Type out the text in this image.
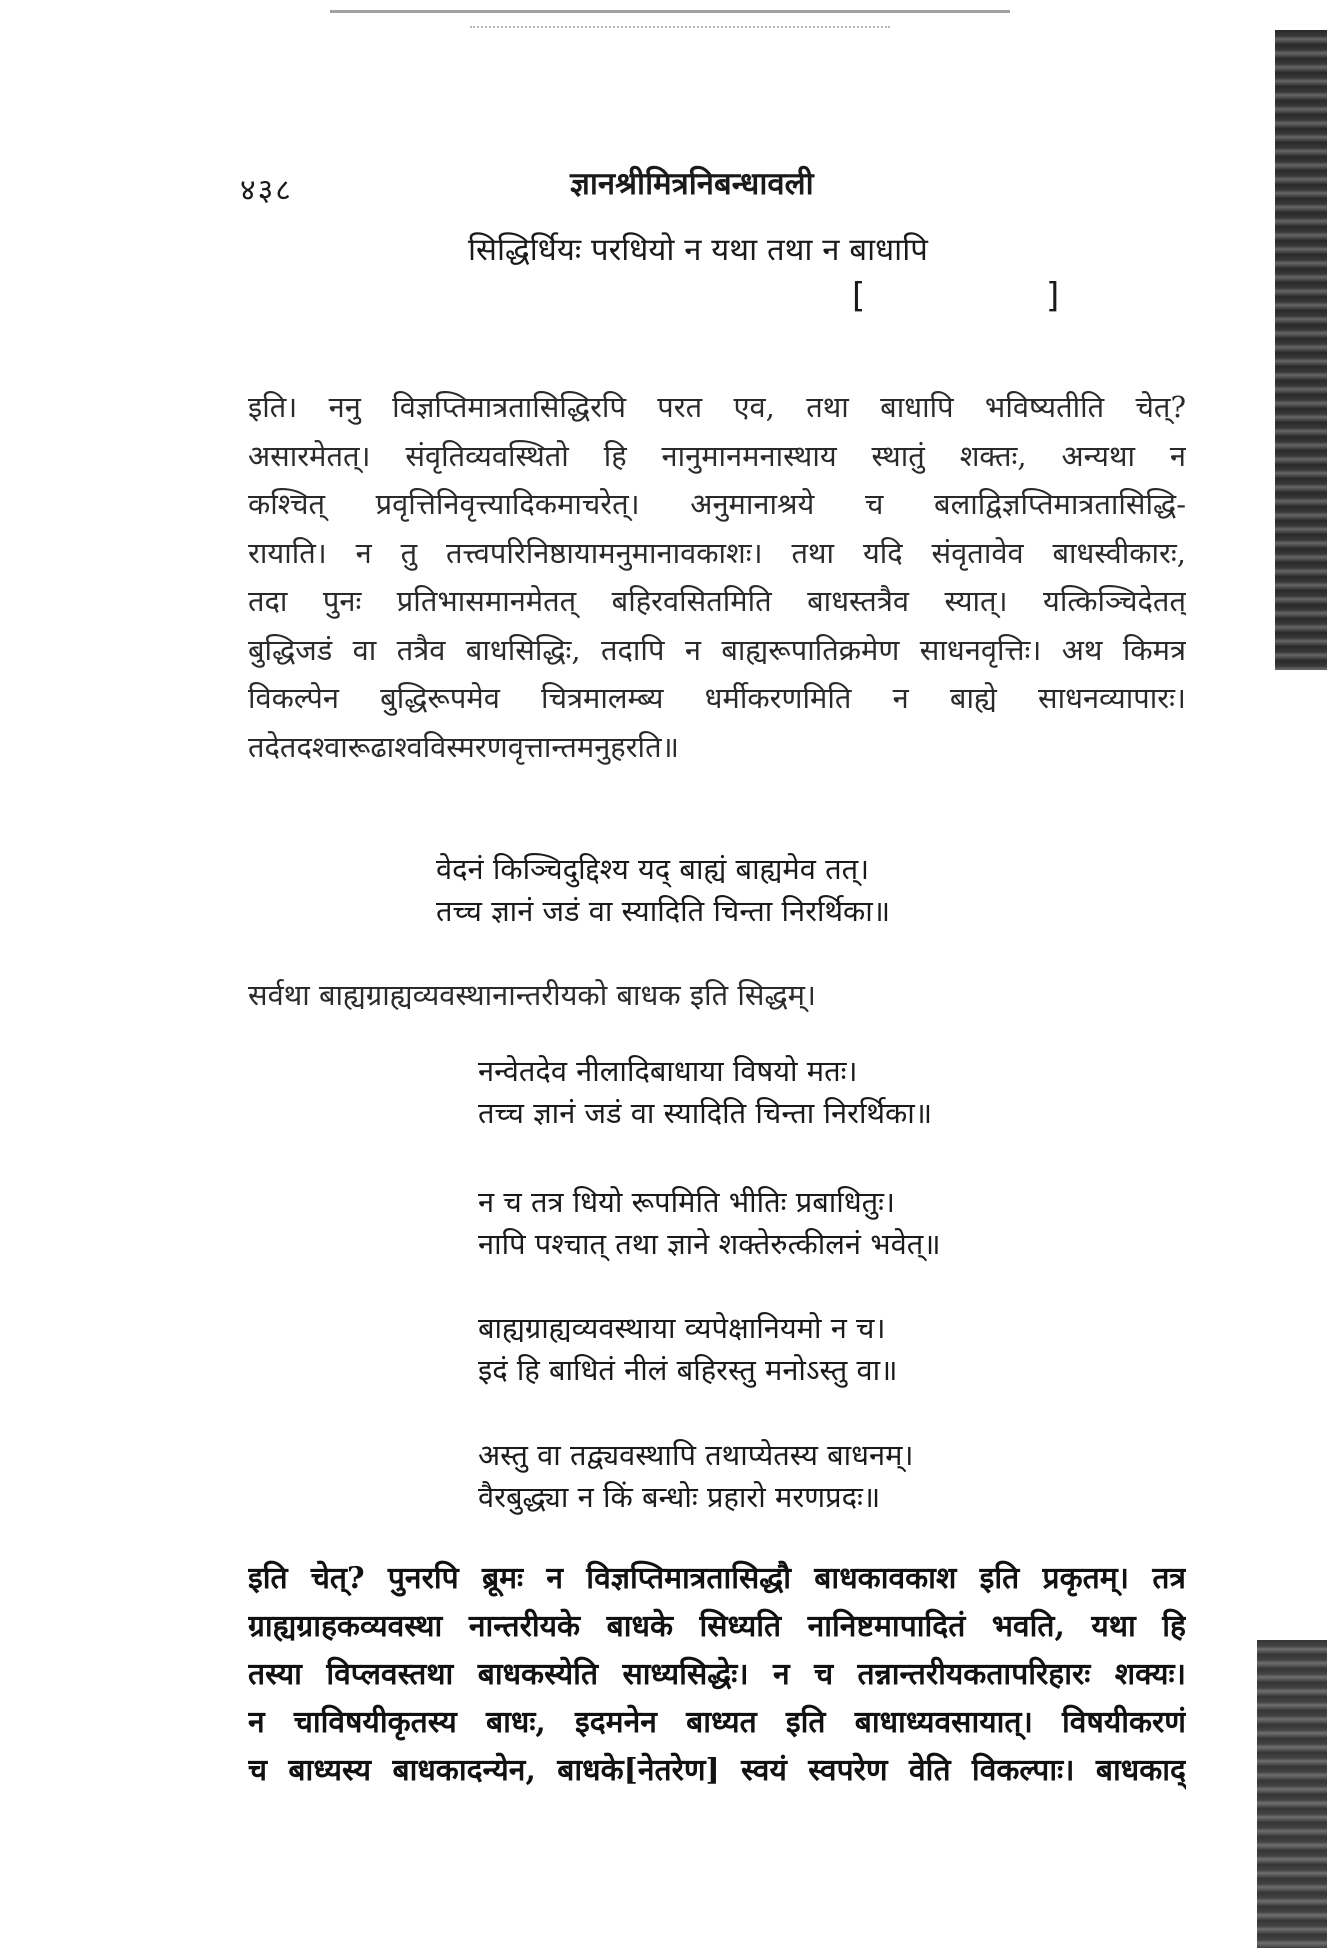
४३८	ज्ञानश्रीमित्रनिबन्धावली
सिद्धिर्धियः परधियो न यथा तथा न बाधापि
[	]
इति। ननु विज्ञप्तिमात्रतासिद्धिरपि परत एव, तथा बाधापि भविष्यतीति चेत्?
असारमेतत्। संवृतिव्यवस्थितो हि नानुमानमनास्थाय स्थातुं शक्तः, अन्यथा न
कश्चित् प्रवृत्तिनिवृत्त्यादिकमाचरेत्। अनुमानाश्रये च बलाद्विज्ञप्तिमात्रतासिद्धि-
रायाति। न तु तत्त्वपरिनिष्ठायामनुमानावकाशः। तथा यदि संवृतावेव बाधस्वीकारः,
तदा पुनः प्रतिभासमानमेतत् बहिरवसितमिति बाधस्तत्रैव स्यात्। यत्किञ्चिदेतत्
बुद्धिजडं वा तत्रैव बाधसिद्धिः, तदापि न बाह्यरूपातिक्रमेण साधनवृत्तिः। अथ किमत्र
विकल्पेन बुद्धिरूपमेव चित्रमालम्ब्य धर्मीकरणमिति न बाह्ये साधनव्यापारः।
तदेतदश्वारूढाश्वविस्मरणवृत्तान्तमनुहरति॥
वेदनं किञ्चिदुद्दिश्य यद् बाह्यं बाह्यमेव तत्।
तच्च ज्ञानं जडं वा स्यादिति चिन्ता निरर्थिका॥
सर्वथा बाह्यग्राह्यव्यवस्थानान्तरीयको बाधक इति सिद्धम्।
नन्वेतदेव नीलादिबाधाया विषयो मतः।
तच्च ज्ञानं जडं वा स्यादिति चिन्ता निरर्थिका॥
न च तत्र धियो रूपमिति भीतिः प्रबाधितुः।
नापि पश्चात् तथा ज्ञाने शक्तेरुत्कीलनं भवेत्॥
बाह्यग्राह्यव्यवस्थाया व्यपेक्षानियमो न च।
इदं हि बाधितं नीलं बहिरस्तु मनोऽस्तु वा॥
अस्तु वा तद्व्यवस्थापि तथाप्येतस्य बाधनम्।
वैरबुद्ध्या न किं बन्धोः प्रहारो मरणप्रदः॥
इति चेत्? पुनरपि ब्रूमः न विज्ञप्तिमात्रतासिद्धौ बाधकावकाश इति प्रकृतम्। तत्र
ग्राह्यग्राहकव्यवस्था नान्तरीयके बाधके सिध्यति नानिष्टमापादितं भवति, यथा हि
तस्या विप्लवस्तथा बाधकस्येति साध्यसिद्धेः। न च तन्नान्तरीयकतापरिहारः शक्यः।
न चाविषयीकृतस्य बाधः, इदमनेन बाध्यत इति बाधाध्यवसायात्। विषयीकरणं
च बाध्यस्य बाधकादन्येन, बाधके[नेतरेण] स्वयं स्वपरेण वेति विकल्पाः। बाधकाद्
